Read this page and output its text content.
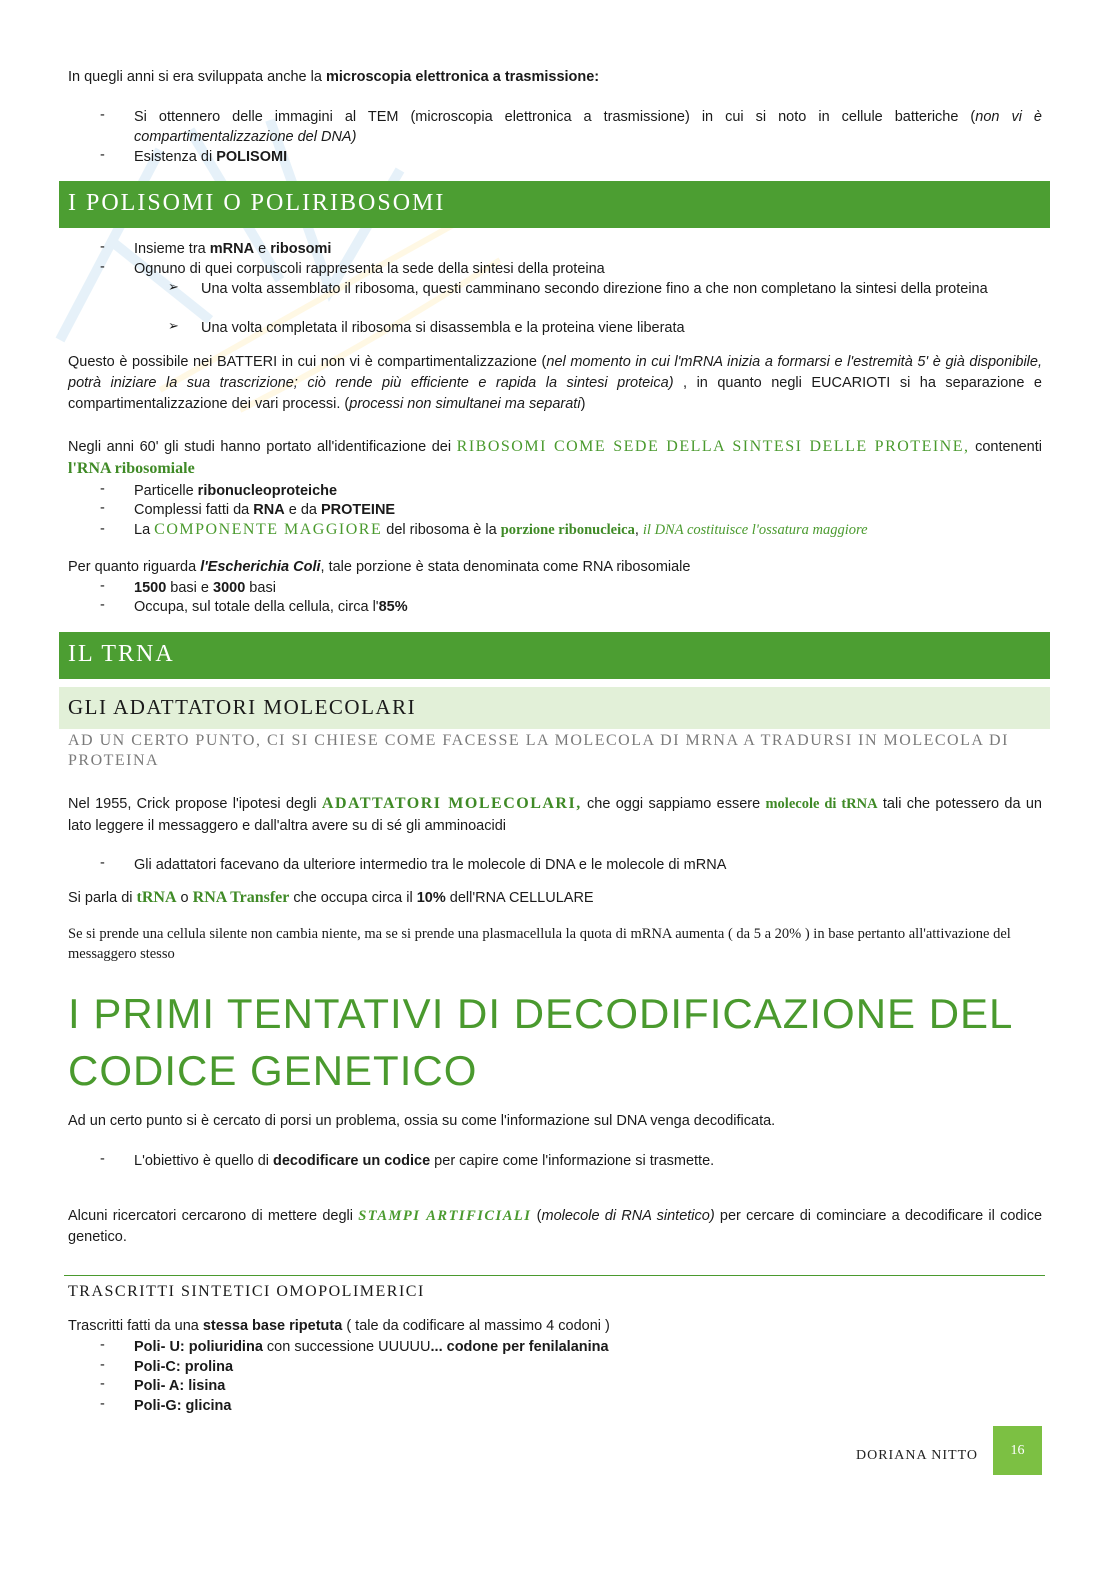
In quegli anni si era sviluppata anche la microscopia elettronica a trasmissione:
-	Si ottennero delle immagini al TEM (microscopia elettronica a trasmissione) in cui si noto in cellule batteriche (non vi è compartimentalizzazione del DNA)
-	Esistenza di POLISOMI
I POLISOMI O POLIRIBOSOMI
-	Insieme tra mRNA e ribosomi
-	Ognuno di quei corpuscoli rappresenta la sede della sintesi della proteina
➢ Una volta assemblato il ribosoma, questi camminano secondo direzione fino a che non completano la sintesi della proteina
➢ Una volta completata il ribosoma si disassembla e la proteina viene liberata
Questo è possibile nei BATTERI in cui non vi è compartimentalizzazione (nel momento in cui l'mRNA inizia a formarsi e l'estremità 5' è già disponibile, potrà iniziare la sua trascrizione; ciò rende più efficiente e rapida la sintesi proteica) , in quanto negli EUCARIOTI si ha separazione e compartimentalizzazione dei vari processi. (processi non simultanei ma separati)
Negli anni 60' gli studi hanno portato all'identificazione dei RIBOSOMI COME SEDE DELLA SINTESI DELLE PROTEINE, contenenti l'RNA ribosomiale
-	Particelle ribonucleoproteiche
-	Complessi fatti da RNA e da PROTEINE
-	La COMPONENTE MAGGIORE del ribosoma è la porzione ribonucleica, il DNA costituisce l'ossatura maggiore
Per quanto riguarda l'Escherichia Coli, tale porzione è stata denominata come RNA ribosomiale
-	1500 basi e 3000 basi
-	Occupa, sul totale della cellula, circa l'85%
IL TRNA
GLI ADATTATORI MOLECOLARI
AD UN CERTO PUNTO, CI SI CHIESE COME FACESSE LA MOLECOLA DI MRNA A TRADURSI IN MOLECOLA DI PROTEINA
Nel 1955, Crick propose l'ipotesi degli ADATTATORI MOLECOLARI, che oggi sappiamo essere molecole di tRNA tali che potessero da un lato leggere il messaggero e dall'altra avere su di sé gli amminoacidi
-	Gli adattatori facevano da ulteriore intermedio tra le molecole di DNA e le molecole di mRNA
Si parla di tRNA o RNA Transfer che occupa circa il 10% dell'RNA CELLULARE
Se si prende una cellula silente non cambia niente, ma se si prende una plasmacellula la quota di mRNA aumenta ( da 5 a 20% ) in base pertanto all'attivazione del messaggero stesso
I PRIMI TENTATIVI DI DECODIFICAZIONE DEL
CODICE GENETICO
Ad un certo punto si è cercato di porsi un problema, ossia su come l'informazione sul DNA venga decodificata.
-	L'obiettivo è quello di decodificare un codice per capire come l'informazione si trasmette.
Alcuni ricercatori cercarono di mettere degli STAMPI ARTIFICIALI (molecole di RNA sintetico) per cercare di cominciare a decodificare il codice genetico.
TRASCRITTI SINTETICI OMOPOLIMERICI
Trascritti fatti da una stessa base ripetuta ( tale da codificare al massimo 4 codoni )
-	Poli- U: poliuridina con successione UUUUU... codone per fenilalanina
-	Poli-C: prolina
-	Poli- A: lisina
-	Poli-G: glicina
DORIANA NITTO	16
